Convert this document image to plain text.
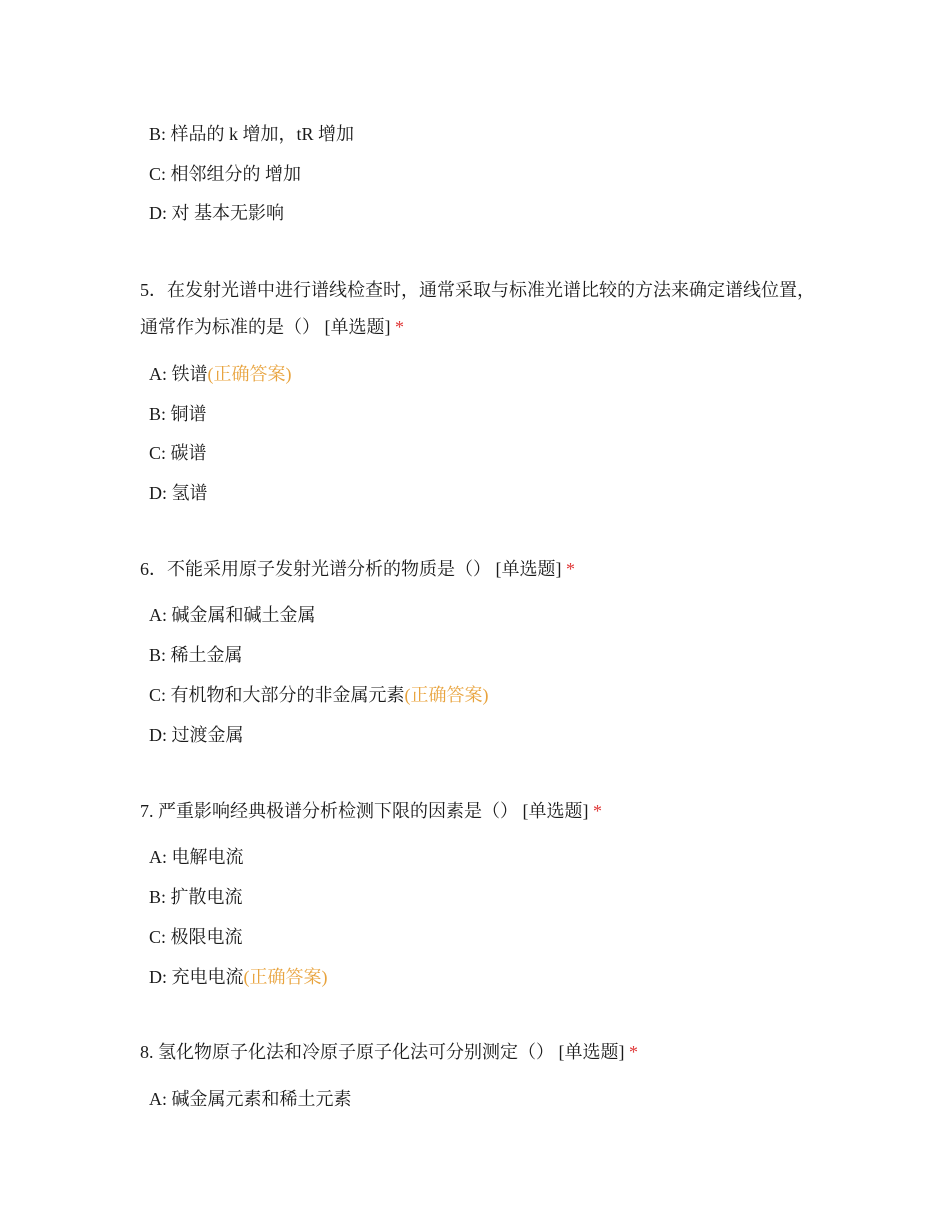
B: 样品的 k 增加，tR 增加
C: 相邻组分的 增加
D: 对 基本无影响
5．在发射光谱中进行谱线检查时，通常采取与标准光谱比较的方法来确定谱线位置，通常作为标准的是（） [单选题] *
A: 铁谱(正确答案)
B: 铜谱
C: 碳谱
D: 氢谱
6．不能采用原子发射光谱分析的物质是（） [单选题] *
A: 碱金属和碱土金属
B: 稀土金属
C: 有机物和大部分的非金属元素(正确答案)
D: 过渡金属
7. 严重影响经典极谱分析检测下限的因素是（） [单选题] *
A: 电解电流
B: 扩散电流
C: 极限电流
D: 充电电流(正确答案)
8. 氢化物原子化法和冷原子原子化法可分别测定（） [单选题] *
A: 碱金属元素和稀土元素
